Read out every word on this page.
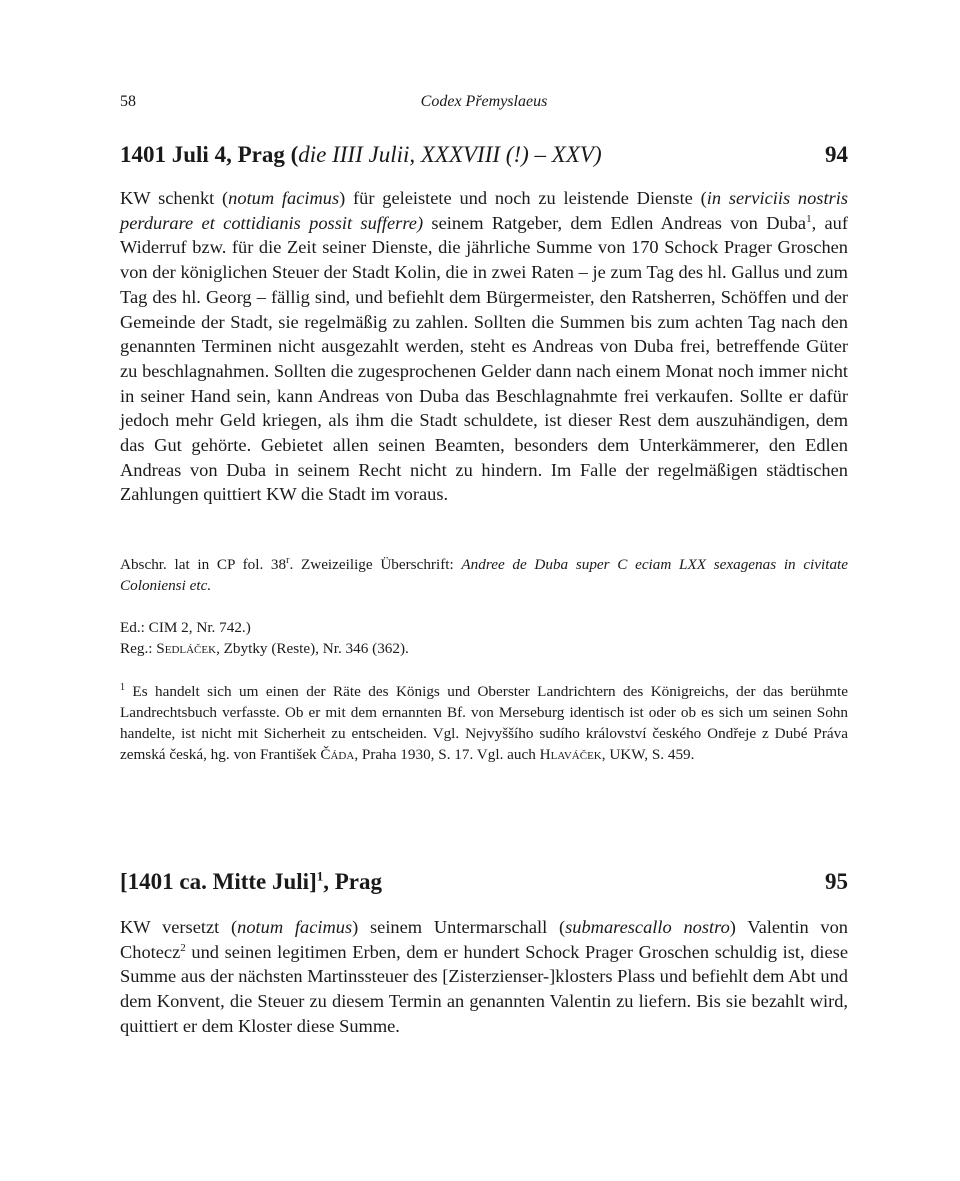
58	Codex Přemyslaeus
1401 Juli 4, Prag (die IIII Julii, XXXVIII (!) – XXV)	94

KW schenkt (notum facimus) für geleistete und noch zu leistende Dienste (in serviciis nostris perdurare et cottidianis possit sufferre) seinem Ratgeber, dem Edlen Andreas von Duba$^1$, auf Widerruf bzw. für die Zeit seiner Dienste, die jährliche Summe von 170 Schock Prager Groschen von der königlichen Steuer der Stadt Kolin, die in zwei Raten – je zum Tag des hl. Gallus und zum Tag des hl. Georg – fällig sind, und befiehlt dem Bürgermeister, den Ratsherren, Schöffen und der Gemeinde der Stadt, sie regelmäßig zu zahlen. Sollten die Summen bis zum achten Tag nach den genannten Terminen nicht ausgezahlt werden, steht es Andreas von Duba frei, betreffende Güter zu beschlagnahmen. Sollten die zugesprochenen Gelder dann nach einem Monat noch immer nicht in seiner Hand sein, kann Andreas von Duba das Beschlagnahmte frei verkaufen. Sollte er dafür jedoch mehr Geld kriegen, als ihm die Stadt schuldete, ist dieser Rest dem auszuhändigen, dem das Gut gehörte. Gebietet allen seinen Beamten, besonders dem Unterkämmerer, den Edlen Andreas von Duba in seinem Recht nicht zu hindern. Im Falle der regelmäßigen städtischen Zahlungen quittiert KW die Stadt im voraus.

Abschr. lat in CP fol. 38$^r$. Zweizeilige Überschrift: Andree de Duba super C eciam LXX sexagenas in civitate Coloniensi etc.

Ed.: CIM 2, Nr. 742.)

Reg.: Sedláček, Zbytky (Reste), Nr. 346 (362).

$^1$ Es handelt sich um einen der Räte des Königs und Oberster Landrichtern des Königreichs, der das berühmte Landrechtsbuch verfasste. Ob er mit dem ernannten Bf. von Merseburg identisch ist oder ob es sich um seinen Sohn handelte, ist nicht mit Sicherheit zu entscheiden. Vgl. Nejvyššího sudího království českého Ondřeje z Dubé Práva zemská česká, hg. von František Čáda, Praha 1930, S. 17. Vgl. auch Hlaváček, UKW, S. 459.

[1401 ca. Mitte Juli]$^1$, Prag	95

KW versetzt (notum facimus) seinem Untermarschall (submarescallo nostro) Valentin von Chotecz$^2$ und seinen legitimen Erben, dem er hundert Schock Prager Groschen schuldig ist, diese Summe aus der nächsten Martinssteuer des [Zisterzienser-]klosters Plass und befiehlt dem Abt und dem Konvent, die Steuer zu diesem Termin an genannten Valentin zu liefern. Bis sie bezahlt wird, quittiert er dem Kloster diese Summe.
